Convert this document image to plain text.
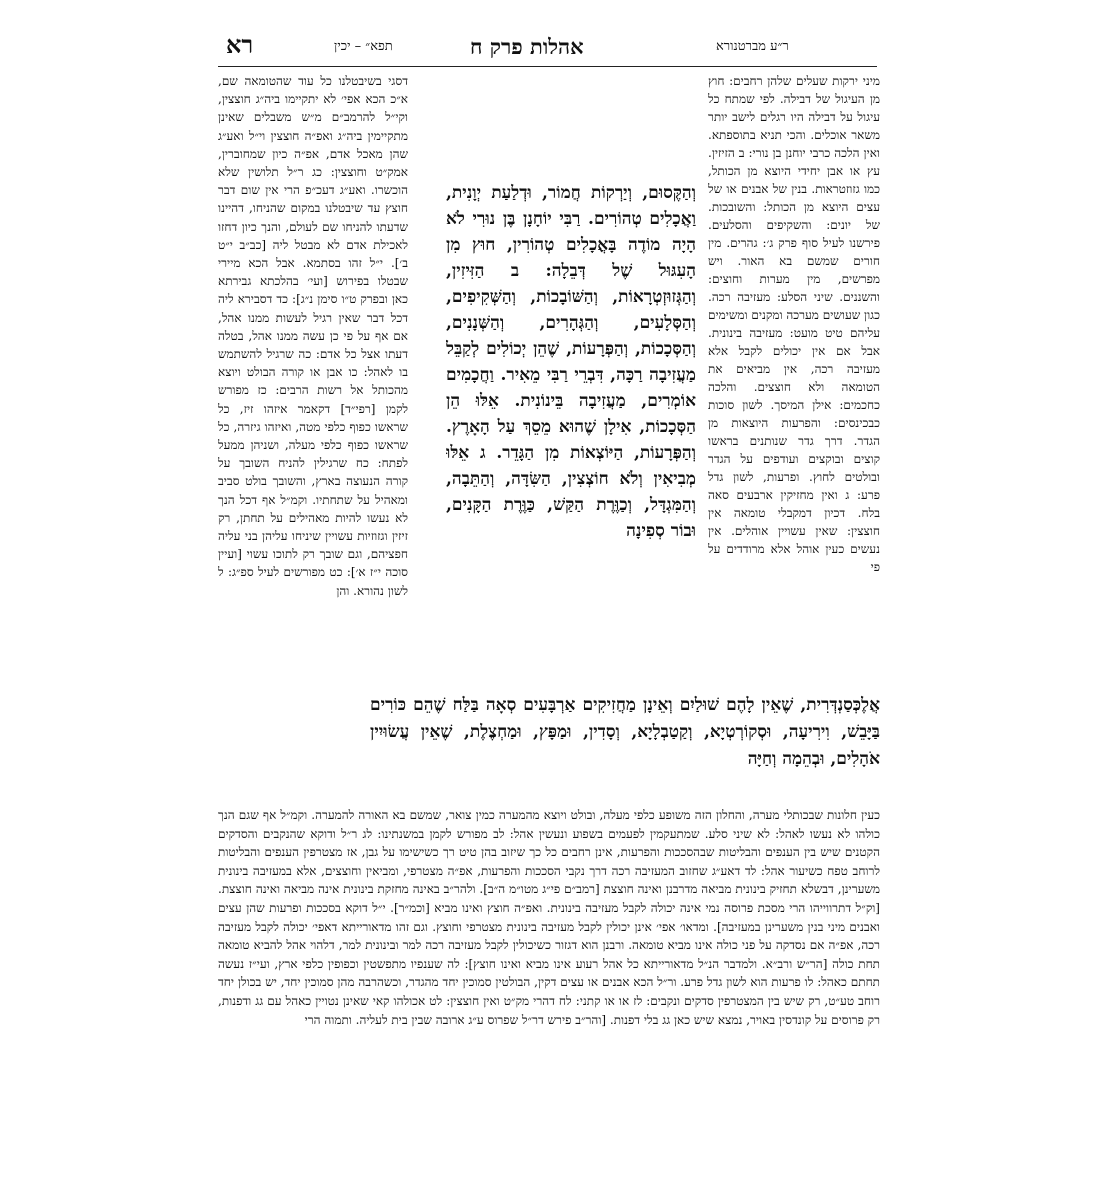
רא	תפא״ – יכין	אהלות פרק ח	ר״ע מברטנורא
מיני ירקות שעלים שלהן רחבים: חוץ מן העיגול של דבילה. לפי שמתח כל עיגול על דבילה היו רגלים לישב יותר משאר אוכלים. והכי תניא בתוספתא. ואין הלכה כרבי יוחנן בן נורי: ב הזיזין. עץ או אבן יחידי היוצא מן הכותל, כמו גזוזטראות. בנין של אבנים או של עצים היוצא מן הכותל: והשובכות. של יונים: והשקיפים והסלעים. פירשנו לעיל סוף פרק ג׳: גהרים. מין חורים שמשם בא האור. ויש מפרשים, מין מערות וחוצים: והשננים. שיני הסלע: מעזיבה רכה. כגון שעושים מערכה ומקנים ומשימים עליהם טיט מועט: מעזיבה בינונית. אבל אם אין יכולים לקבל אלא מעזיבה רכה, אין מביאים את הטומאה ולא חוצצים. והלכה כחכמים: אילן המיסך. לשון סוכות כבכינסים: והפרעות היוצאות מן הגדר. דרך גדר שנותנים בראשו קוצים ובוקצים ועודפים על הגדר ובולטים לחוץ. ופרעות, לשון גדל פרע: ג ואין מחזיקין ארבעים סאה בלח. דכיון דמקבלי טומאה אין חוצצין: שאין עשויין אוהלים. אין נעשים כעין אוהל אלא מרודדים על פי
דסגי בשיבטלנו כל עוד שהטומאה שם, א״כ הכא אפי׳ לא יתקיימו ביה״ג חוצצין, וקי״ל להרמב״ם מ״ש משבלים שאינן מתקיימין ביה״ג ואפ״ה חוצצין וי״ל ואע״ג שהן מאכל אדם, אפ״ה כיון שמחוברין, אמק״ט וחוצצין: כג ר״ל תלושין שלא הוכשרו. ואע״ג דעכ״פ הרי אין שום דבר חוצץ עד שיבטלנו במקום שהניחו, דהיינו שדעתו להניחו שם לעולם, והנך כיון דחזו לאכילת אדם לא מבטל ליה [כב״ב י״ט ב׳]. י״ל זהו בסתמא. אבל הכא מיירי שבטלו בפירוש [ועי׳ בהלכתא גבירתא כאן ובפרק ט״ו סימן נ״ג]: כד דסבירא ליה דכל דבר שאין רגיל לעשות ממנו אהל, אם אף על פי כן עשה ממנו אהל, בטלה דעתו אצל כל אדם: כה שרגיל להשתמש בו לאהל: כו אבן או קורה הבולט ויוצא מהכותל אל רשות הרבים: כז מפורש לקמן [רפי״ד] דקאמר איזהו זיז, כל שראשו כפוף כלפי מטה, ואיזהו גיזרה, כל שראשו כפוף כלפי מעלה, ושניהן ממעל לפתח: כח שרגילין להניח השובך על קורה הנעוצה בארץ, והשובך בולט סביב ומאהיל על שתחתיו. וקמ״ל אף דכל הנך לא נעשו להיות מאהילים על תחתן, רק זיזין וגזוזיות עשויין שיניחו עליהן בני עליה חפציהם, וגם שובך רק לתוכו עשוי [ועיין סוכה י״ז א׳]: כט מפורשים לעיל ספ״ג: ל לשון נהורא. והן
וְהַקֶּסוּם, וְיַרְקוֹת חֲמוֹר, וּדְלַעַת יְוָנִית, וַאֲכָלִים טְהוֹרִים. רַבִּי יוֹחָנָן בֶּן נוּרִי לֹא הָיָה מוֹדֶה בָּאֳכָלִים טְהוֹרִין, חוּץ מִן הָעִגּוּל שֶׁל דְּבֵלָה: ב הַזִּיזִין, וְהַגְּזוּזְטְרָאוֹת, וְהַשּׁוֹבָכוֹת, וְהַשְּׁקִיפִים, וְהַסְּלָעִים, וְהַגְּהָרִים, וְהַשְּׁנָנִים, וְהַסְּכָכוֹת, וְהַפְּרָעוֹת, שֶׁהֵן יְכוֹלִים לְקַבֵּל מַעֲזִיבָה רַכָּה, דִּבְרֵי רַבִּי מֵאִיר. וַחֲכָמִים אוֹמְרִים, מַעֲזִיבָה בֵּינוֹנִית. אֵלּוּ הֵן הַסְּכָכוֹת, אִילָן שֶׁהוּא מֵסֵךְ עַל הָאָרֶץ. וְהַפְּרָעוֹת, הַיּוֹצְאוֹת מִן הַגָּדֵר. ג אֵלּוּ מְבִיאִין וְלֹא חוֹצְצִין, הַשִּׂדָּה, וְהַתֵּבָה, וְהַמִּגְדָּל, וְכַוֶּרֶת הַקַּשׁ, כַּוֶּרֶת הַקָּנִים, וּבוֹר סְפִינָה
אֲלֶכְּסַנְדְּרִית, שֶׁאֵין לָהֶם שׁוּלַיִם וְאֵינָן מַחֲזִיקִים אַרְבָּעִים סְאָה בַּלַּח שֶׁהֵם כּוֹרִים בַּיָּבֵשׁ, וִירִיעָה, וּסְקוֹרְטְיָא, וְקַטַבְלָיָא, וְסָדִין, וּמַפָּץ, וּמַחְצֶלֶת, שֶׁאֵין עֲשׂוּיִין אֹהָלִים, וּבְהֵמָה וְחַיָּה
כעין חלונות שבכותלי מערה, והחלון הזה משופע כלפי מעלה, ובולט ויוצא מהמערה כמין צואר, שמשם בא האורה להמערה. וקמ״ל אף שגם הנך כולהו לא נעשו לאהל: לא שיני סלע. שמתעקמין לפעמים בשפוע ונעשין אהל: לב מפורש לקמן במשנתינו: לג ר״ל ודוקא שהנקבים והסדקים הקטנים שיש בין הענפים והבליטות שבהסככות והפרעות, אינן רחבים כל כך שיזוב בהן טיט רך כשישימו על גבן, אז מצטרפין הענפים והבליטות לרוחב טפח כשיעור אהל: לד דאע״ג שחזוב המעזיבה רכה דרך נקבי הסככות והפרעות, אפ״ה מצטרפי, ומביאין וחוצצים, אלא במעזיבה בינונית משערינן, דבשלא תחזיק בינונית מביאה מדרבנן ואינה חוצצת [רמב״ם פי״ג מטו״מ ה״ב]. ולהר״ב באינה מחזקת בינונית אינה מביאה ואינה חוצצת. [וק״ל דתרווייהו הרי מסכת פרוסה נמי אינה יכולה לקבל מעזיבה בינונית. ואפ״ה חוצץ ואינו מביא [וכמ״ר]. י״ל דוקא בסככות ופרעות שהן עצים ואבנים מיני בנין משערינן במעזיבה]. ומדאו׳ אפי׳ אינן יכולין לקבל מעזיבה בינונית מצטרפי וחוצץ. וגם זהו מדאורייתא דאפי׳ יכולה לקבל מעזיבה רכה, אפ״ה אם נסדקה על פני כולה אינו מביא טומאה. ורבנן הוא דגזור כשיכולין לקבל מעזיבה רכה למר ובינונית למר, דלהוי אהל להביא טומאה תחת כולה [הר״ש ורב״א. ולמדבר הנ״ל מדאורייתא כל אהל רעוע אינו מביא ואינו חוצץ]: לה שענפיו מתפשטין וכפופין כלפי ארץ, ועי״ז נעשה תחתם כאהל: לו פרעות הוא לשון גדל פרע. ור״ל הכא אבנים או עצים דקין, הבולטין סמוכין יחד מהגדר, וכשהרבה מהן סמוכין יחד, יש בכולן יחד רוחב טע״ט, רק שיש בין המצטרפין סדקים ונקבים: לז או או קתני: לח דהרי מק״ט ואין חוצצין: לט אכולהו קאי שאינן נטויין כאהל עם גג ודפנות, רק פרוסים על קונדסין באויר, נמצא שיש כאן גג בלי דפנות. [והר״ב פירש דר״ל שפרוס ע״ג ארובה שבין בית לעליה. ותמוה הרי
